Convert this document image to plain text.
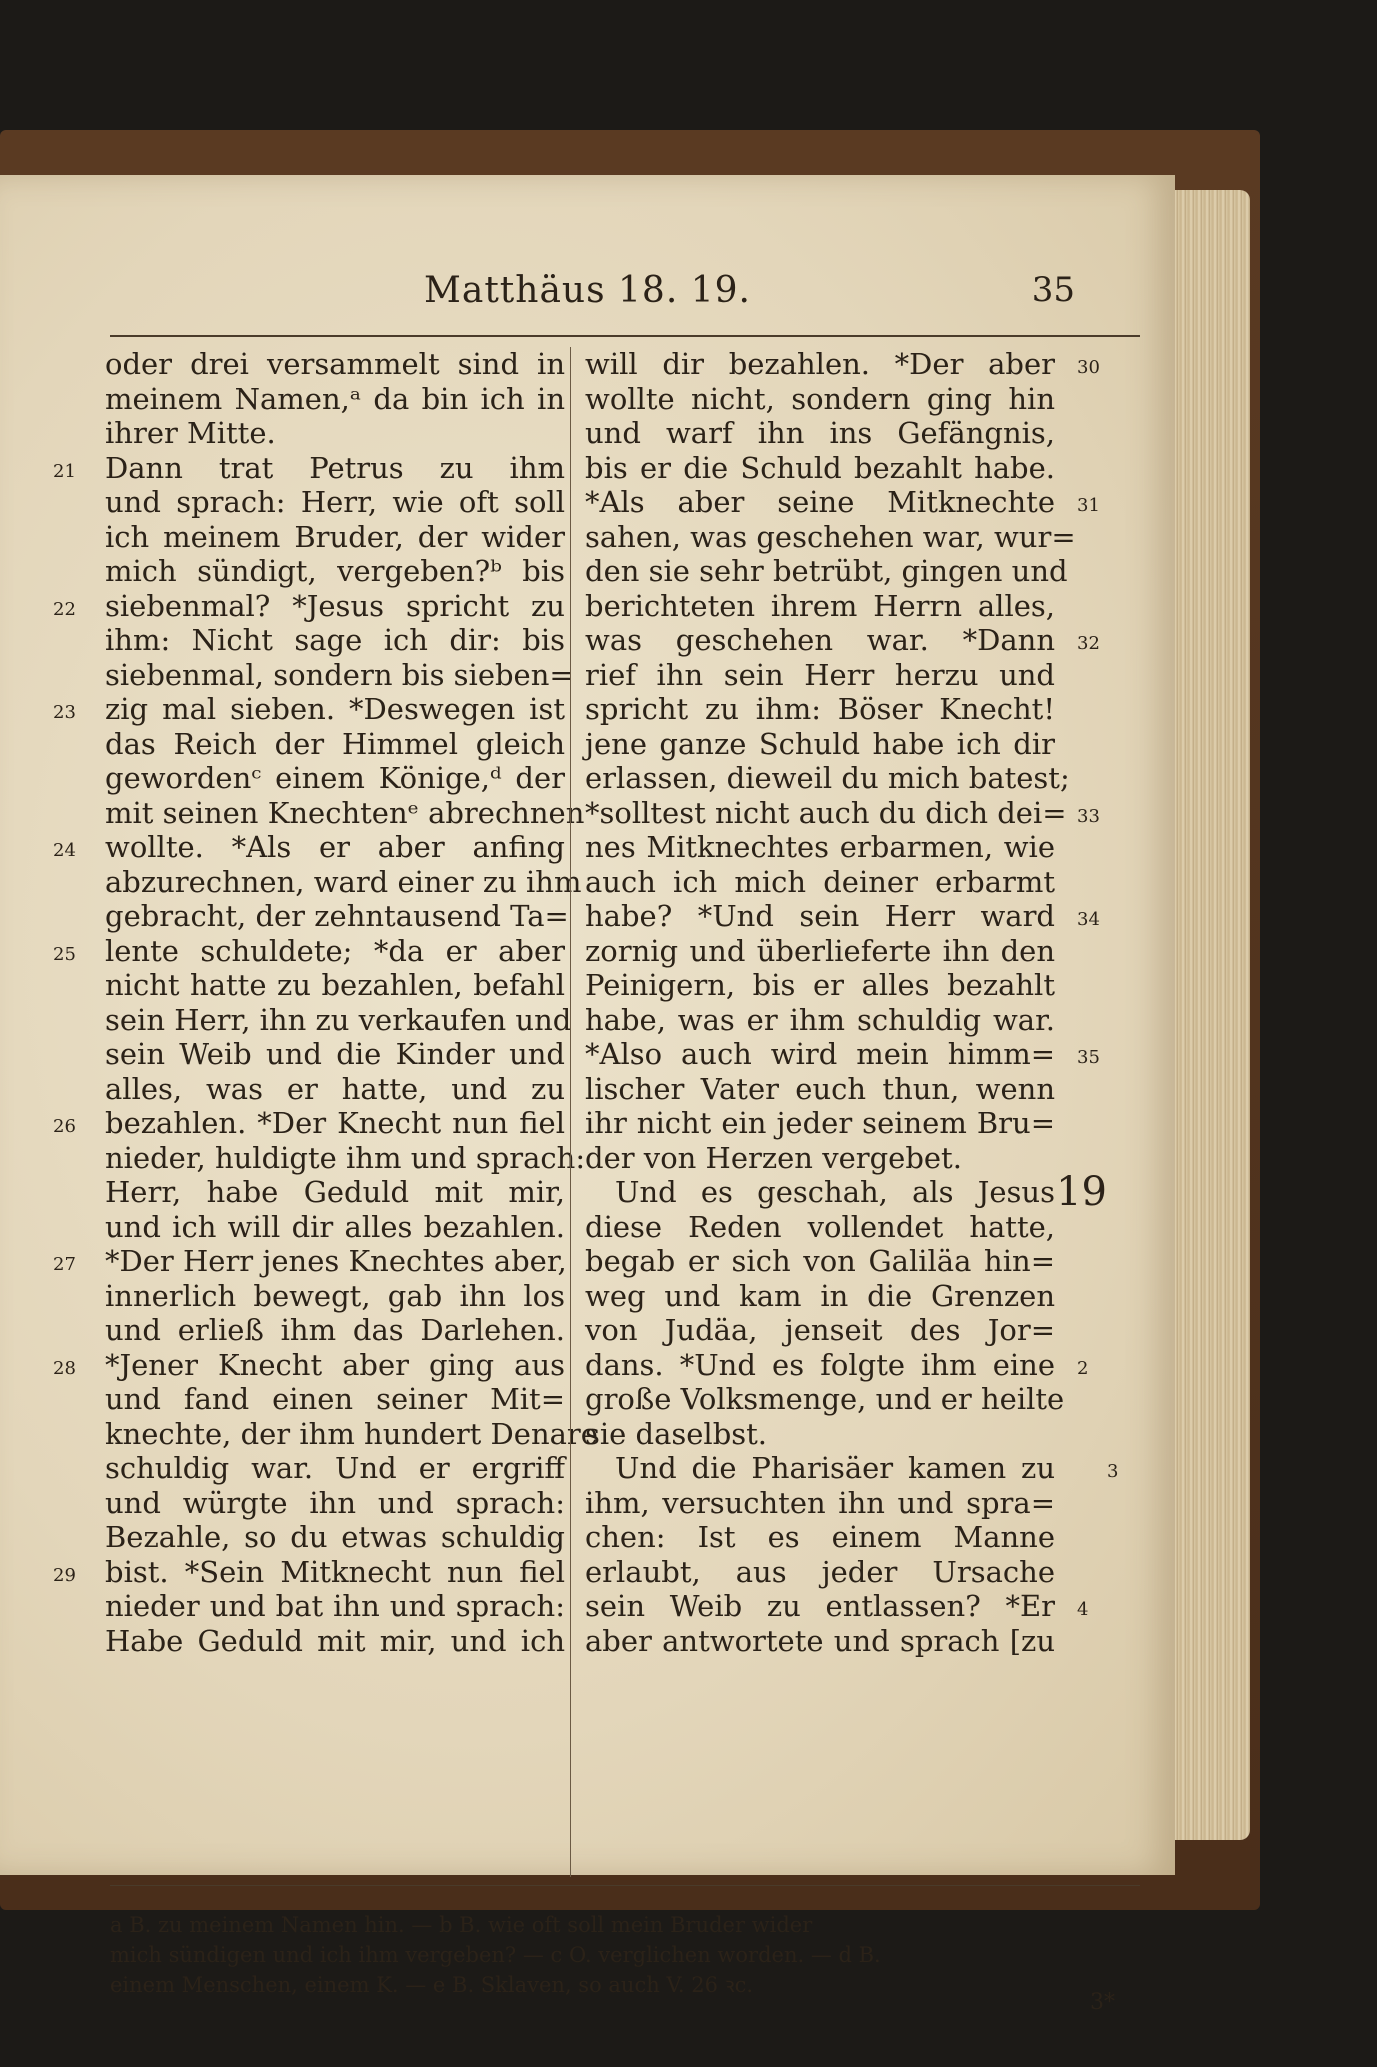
Matthäus 18. 19.	35
oder drei versammelt sind in
meinem Namen,ᵃ da bin ich in
ihrer Mitte.
Dann trat Petrus zu ihm
21
und sprach: Herr, wie oft soll
ich meinem Bruder, der wider
mich sündigt, vergeben?ᵇ bis
siebenmal? *Jesus spricht zu
22
ihm: Nicht sage ich dir: bis
siebenmal, sondern bis sieben=
zig mal sieben. *Deswegen ist
23
das Reich der Himmel gleich
gewordenᶜ einem Könige,ᵈ der
mit seinen Knechtenᵉ abrechnen
wollte. *Als er aber anfing
24
abzurechnen, ward einer zu ihm
gebracht, der zehntausend Ta=
lente schuldete; *da er aber
25
nicht hatte zu bezahlen, befahl
sein Herr, ihn zu verkaufen und
sein Weib und die Kinder und
alles, was er hatte, und zu
bezahlen. *Der Knecht nun fiel
26
nieder, huldigte ihm und sprach:
Herr, habe Geduld mit mir,
und ich will dir alles bezahlen.
*Der Herr jenes Knechtes aber,
27
innerlich bewegt, gab ihn los
und erließ ihm das Darlehen.
*Jener Knecht aber ging aus
28
und fand einen seiner Mit=
knechte, der ihm hundert Denare
schuldig war. Und er ergriff
und würgte ihn und sprach:
Bezahle, so du etwas schuldig
bist. *Sein Mitknecht nun fiel
29
nieder und bat ihn und sprach:
Habe Geduld mit mir, und ich
will dir bezahlen. *Der aber 30
wollte nicht, sondern ging hin
und warf ihn ins Gefängnis,
bis er die Schuld bezahlt habe.
*Als aber seine Mitknechte 31
sahen, was geschehen war, wur=
den sie sehr betrübt, gingen und
berichteten ihrem Herrn alles,
was geschehen war. *Dann 32
rief ihn sein Herr herzu und
spricht zu ihm: Böser Knecht!
jene ganze Schuld habe ich dir
erlassen, dieweil du mich batest;
*solltest nicht auch du dich dei= 33
nes Mitknechtes erbarmen, wie
auch ich mich deiner erbarmt
habe? *Und sein Herr ward 34
zornig und überlieferte ihn den
Peinigern, bis er alles bezahlt
habe, was er ihm schuldig war.
*Also auch wird mein himm= 35
lischer Vater euch thun, wenn
ihr nicht ein jeder seinem Bru=
der von Herzen vergebet.
Und es geschah, als Jesus 19
diese Reden vollendet hatte,
begab er sich von Galiläa hin=
weg und kam in die Grenzen
von Judäa, jenseit des Jor=
dans. *Und es folgte ihm eine 2
große Volksmenge, und er heilte
sie daselbst.
Und die Pharisäer kamen zu	3
ihm, versuchten ihn und spra=
chen: Ist es einem Manne
erlaubt, aus jeder Ursache
sein Weib zu entlassen? *Er 4
aber antwortete und sprach [zu
a B. zu meinem Namen hin. — b B. wie oft soll mein Bruder wider
mich sündigen und ich ihm vergeben? — c O. verglichen worden. — d B.
einem Menschen, einem K. — e B. Sklaven, so auch V. 26 ꝛc.
3*
